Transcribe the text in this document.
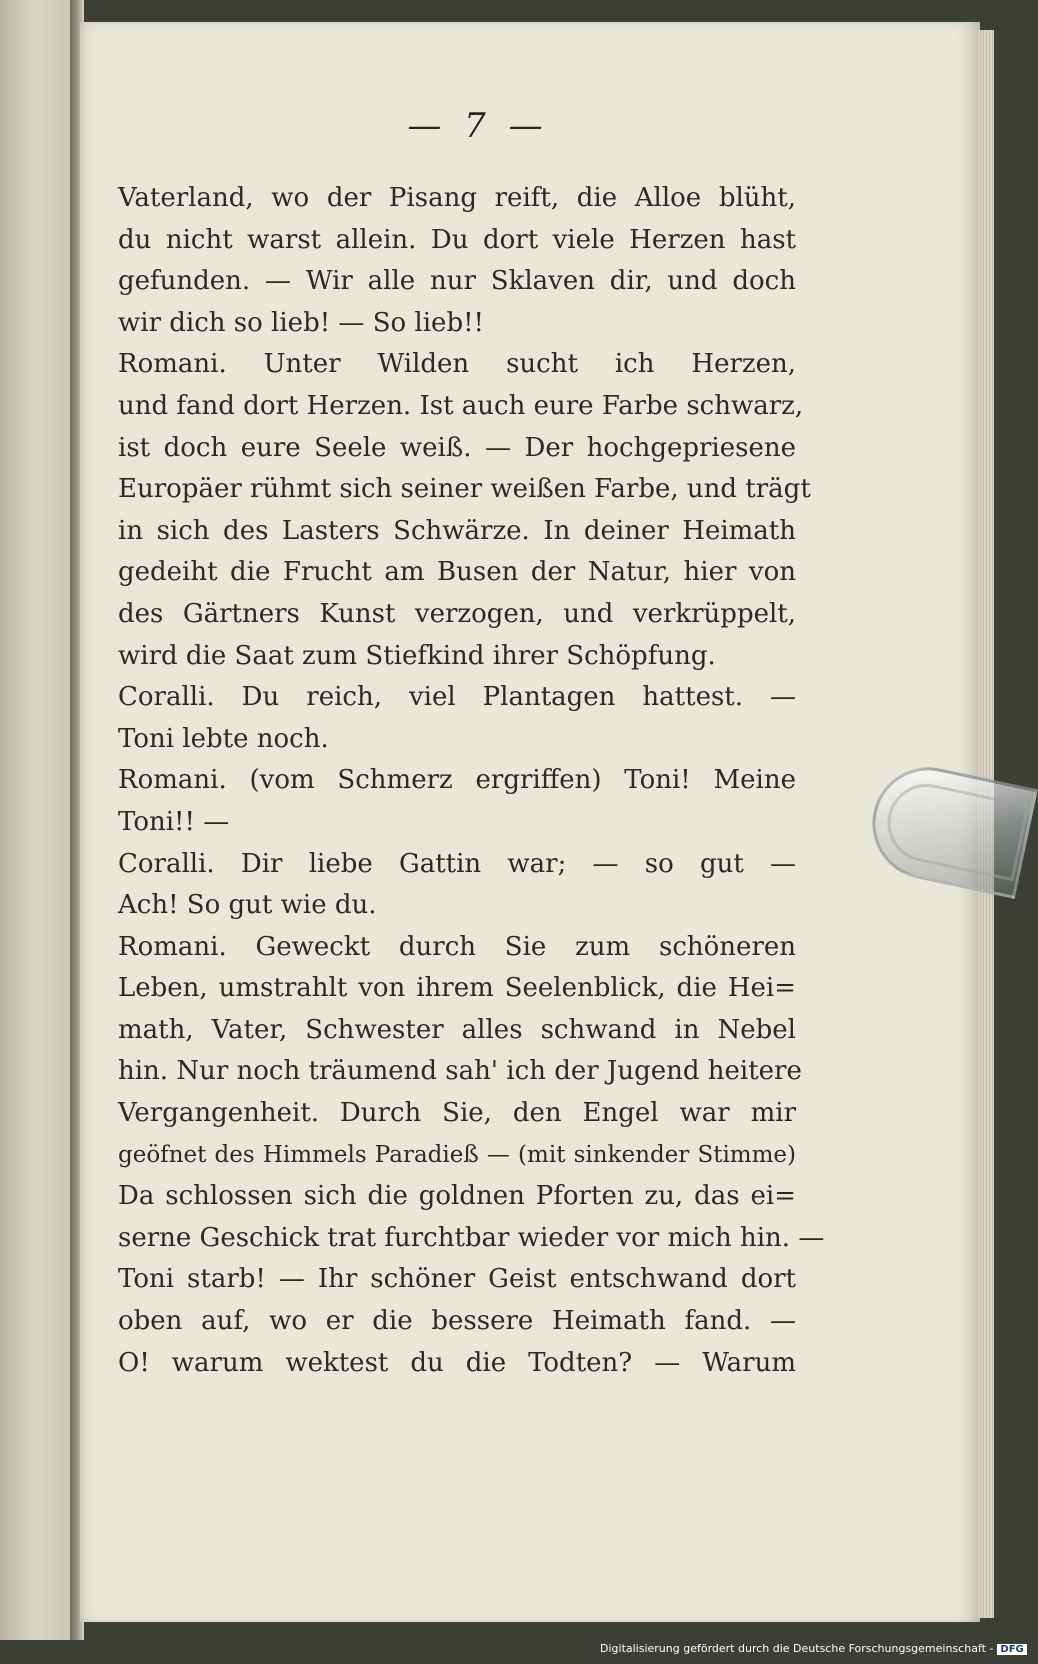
— 7 —
Vaterland, wo der Pisang reift, die Alloe blüht,
du nicht warst allein. Du dort viele Herzen hast
gefunden. — Wir alle nur Sklaven dir, und doch
wir dich so lieb! — So lieb!!
Romani. Unter Wilden sucht ich Herzen,
und fand dort Herzen. Ist auch eure Farbe schwarz,
ist doch eure Seele weiß. — Der hochgepriesene
Europäer rühmt sich seiner weißen Farbe, und trägt
in sich des Lasters Schwärze. In deiner Heimath
gedeiht die Frucht am Busen der Natur, hier von
des Gärtners Kunst verzogen, und verkrüppelt,
wird die Saat zum Stiefkind ihrer Schöpfung.
Coralli. Du reich, viel Plantagen hattest. —
Toni lebte noch.
Romani. (vom Schmerz ergriffen) Toni! Meine
Toni!! —
Coralli. Dir liebe Gattin war; — so gut —
Ach! So gut wie du.
Romani. Geweckt durch Sie zum schöneren
Leben, umstrahlt von ihrem Seelenblick, die Hei=
math, Vater, Schwester alles schwand in Nebel
hin. Nur noch träumend sah' ich der Jugend heitere
Vergangenheit. Durch Sie, den Engel war mir
geöfnet des Himmels Paradieß — (mit sinkender Stimme)
Da schlossen sich die goldnen Pforten zu, das ei=
serne Geschick trat furchtbar wieder vor mich hin. —
Toni starb! — Ihr schöner Geist entschwand dort
oben auf, wo er die bessere Heimath fand. —
O! warum wektest du die Todten? — Warum
Digitalisierung gefördert durch die Deutsche Forschungsgemeinschaft - DFG
